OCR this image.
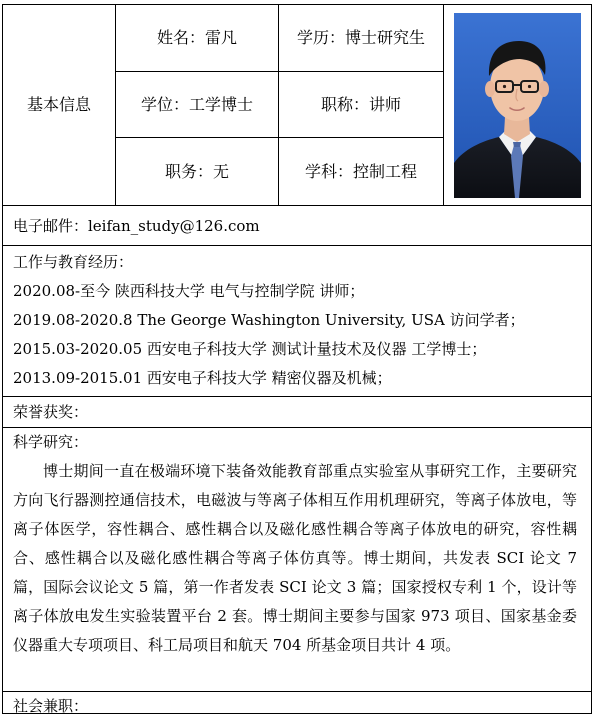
基本信息
姓名：雷凡	学历：博士研究生
学位：工学博士	职称：讲师
职务：无	学科：控制工程
电子邮件：leifan_study@126.com
工作与教育经历：
2020.08-至今 陕西科技大学 电气与控制学院 讲师；
2019.08-2020.8 The George Washington University, USA 访问学者；
2015.03-2020.05 西安电子科技大学 测试计量技术及仪器 工学博士；
2013.09-2015.01 西安电子科技大学 精密仪器及机械；
荣誉获奖：
科学研究：

博士期间一直在极端环境下装备效能教育部重点实验室从事研究工作，主要研究方向飞行器测控通信技术，电磁波与等离子体相互作用机理研究，等离子体放电，等离子体医学，容性耦合、感性耦合以及磁化感性耦合等离子体放电的研究，容性耦合、感性耦合以及磁化感性耦合等离子体仿真等。博士期间，共发表 SCI 论文 7 篇，国际会议论文 5 篇，第一作者发表 SCI 论文 3 篇；国家授权专利 1 个，设计等离子体放电发生实验装置平台 2 套。博士期间主要参与国家 973 项目、国家基金委仪器重大专项项目、科工局项目和航天 704 所基金项目共计 4 项。

社会兼职：
